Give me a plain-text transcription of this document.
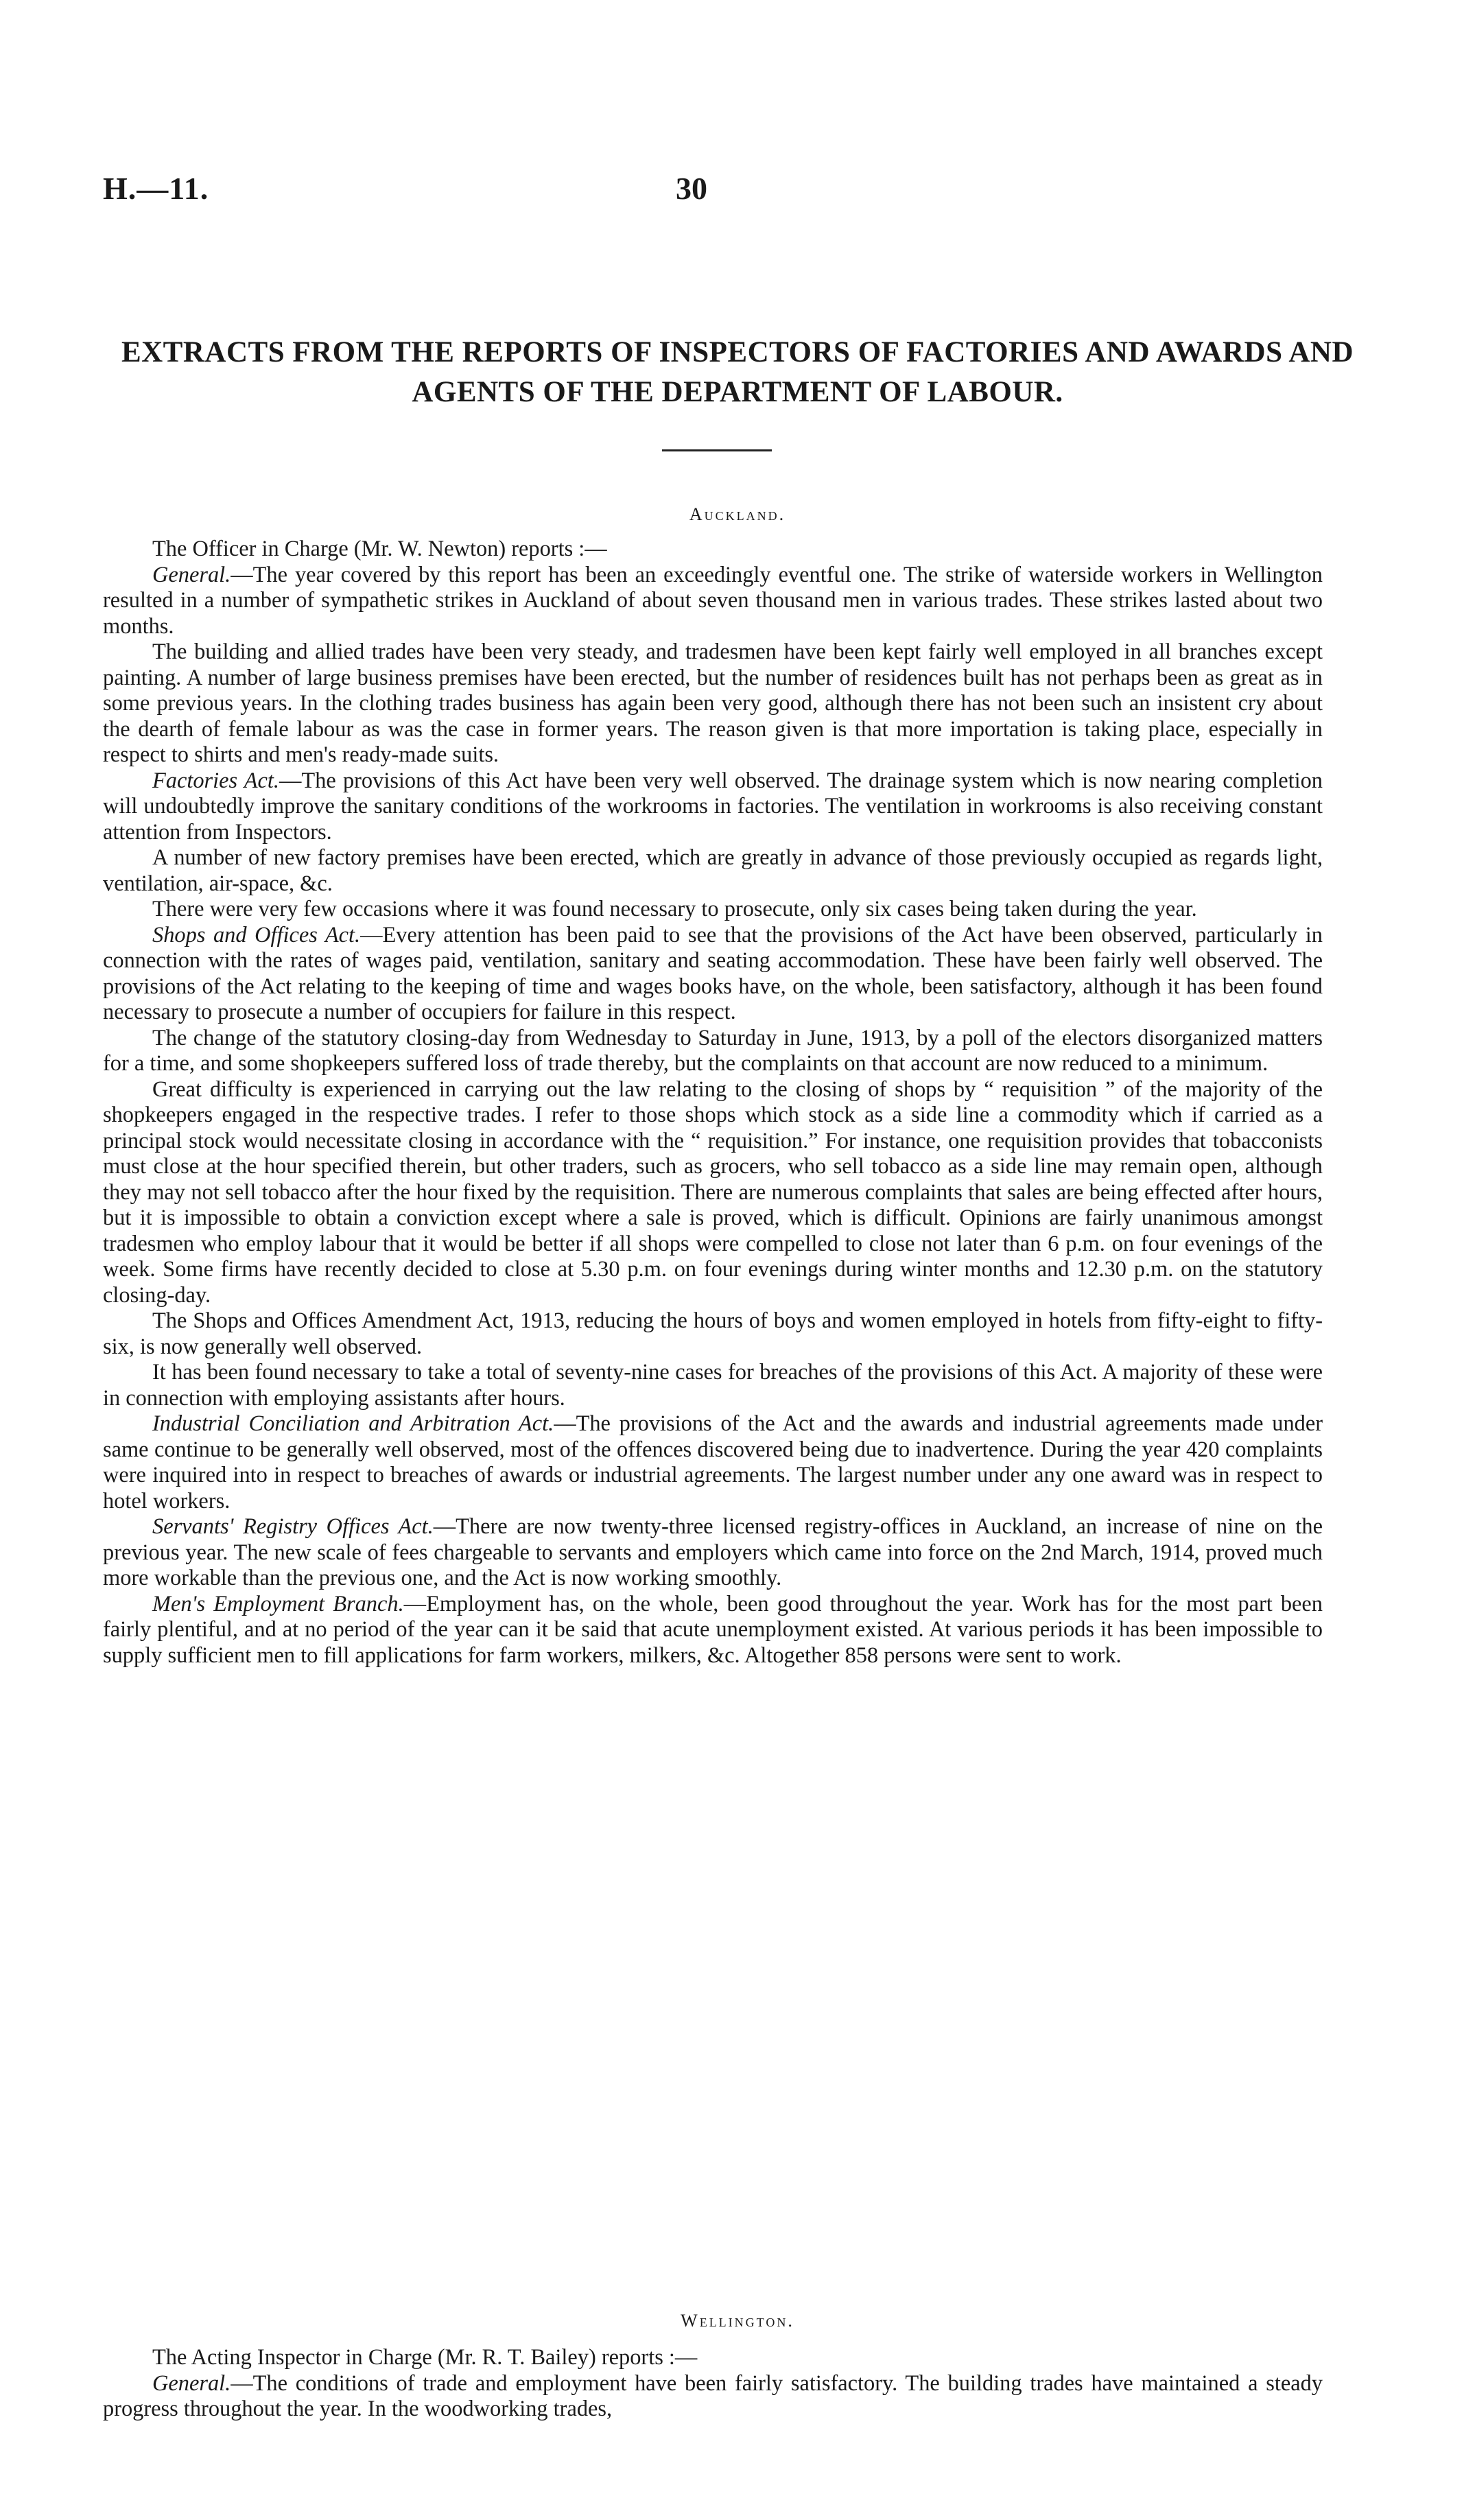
H.—11.	30
EXTRACTS FROM THE REPORTS OF INSPECTORS OF FACTORIES AND AWARDS AND AGENTS OF THE DEPARTMENT OF LABOUR.
Auckland.

The Officer in Charge (Mr. W. Newton) reports :—

General.—The year covered by this report has been an exceedingly eventful one. The strike of waterside workers in Wellington resulted in a number of sympathetic strikes in Auckland of about seven thousand men in various trades. These strikes lasted about two months.

The building and allied trades have been very steady, and tradesmen have been kept fairly well employed in all branches except painting. A number of large business premises have been erected, but the number of residences built has not perhaps been as great as in some previous years. In the clothing trades business has again been very good, although there has not been such an insistent cry about the dearth of female labour as was the case in former years. The reason given is that more importation is taking place, especially in respect to shirts and men's ready-made suits.

Factories Act.—The provisions of this Act have been very well observed. The drainage system which is now nearing completion will undoubtedly improve the sanitary conditions of the workrooms in factories. The ventilation in workrooms is also receiving constant attention from Inspectors.

A number of new factory premises have been erected, which are greatly in advance of those previously occupied as regards light, ventilation, air-space, &c.

There were very few occasions where it was found necessary to prosecute, only six cases being taken during the year.

Shops and Offices Act.—Every attention has been paid to see that the provisions of the Act have been observed, particularly in connection with the rates of wages paid, ventilation, sanitary and seating accommodation. These have been fairly well observed. The provisions of the Act relating to the keeping of time and wages books have, on the whole, been satisfactory, although it has been found necessary to prosecute a number of occupiers for failure in this respect.

The change of the statutory closing-day from Wednesday to Saturday in June, 1913, by a poll of the electors disorganized matters for a time, and some shopkeepers suffered loss of trade thereby, but the complaints on that account are now reduced to a minimum.

Great difficulty is experienced in carrying out the law relating to the closing of shops by “ requisition ” of the majority of the shopkeepers engaged in the respective trades. I refer to those shops which stock as a side line a commodity which if carried as a principal stock would necessitate closing in accordance with the “ requisition.” For instance, one requisition provides that tobacconists must close at the hour specified therein, but other traders, such as grocers, who sell tobacco as a side line may remain open, although they may not sell tobacco after the hour fixed by the requisition. There are numerous complaints that sales are being effected after hours, but it is impossible to obtain a conviction except where a sale is proved, which is difficult. Opinions are fairly unanimous amongst tradesmen who employ labour that it would be better if all shops were compelled to close not later than 6 p.m. on four evenings of the week. Some firms have recently decided to close at 5.30 p.m. on four evenings during winter months and 12.30 p.m. on the statutory closing-day.

The Shops and Offices Amendment Act, 1913, reducing the hours of boys and women employed in hotels from fifty-eight to fifty-six, is now generally well observed.

It has been found necessary to take a total of seventy-nine cases for breaches of the provisions of this Act. A majority of these were in connection with employing assistants after hours.

Industrial Conciliation and Arbitration Act.—The provisions of the Act and the awards and industrial agreements made under same continue to be generally well observed, most of the offences discovered being due to inadvertence. During the year 420 complaints were inquired into in respect to breaches of awards or industrial agreements. The largest number under any one award was in respect to hotel workers.

Servants' Registry Offices Act.—There are now twenty-three licensed registry-offices in Auckland, an increase of nine on the previous year. The new scale of fees chargeable to servants and employers which came into force on the 2nd March, 1914, proved much more workable than the previous one, and the Act is now working smoothly.

Men's Employment Branch.—Employment has, on the whole, been good throughout the year. Work has for the most part been fairly plentiful, and at no period of the year can it be said that acute unemployment existed. At various periods it has been impossible to supply sufficient men to fill applications for farm workers, milkers, &c. Altogether 858 persons were sent to work.

Wellington.

The Acting Inspector in Charge (Mr. R. T. Bailey) reports :—

General.—The conditions of trade and employment have been fairly satisfactory. The building trades have maintained a steady progress throughout the year. In the woodworking trades,
